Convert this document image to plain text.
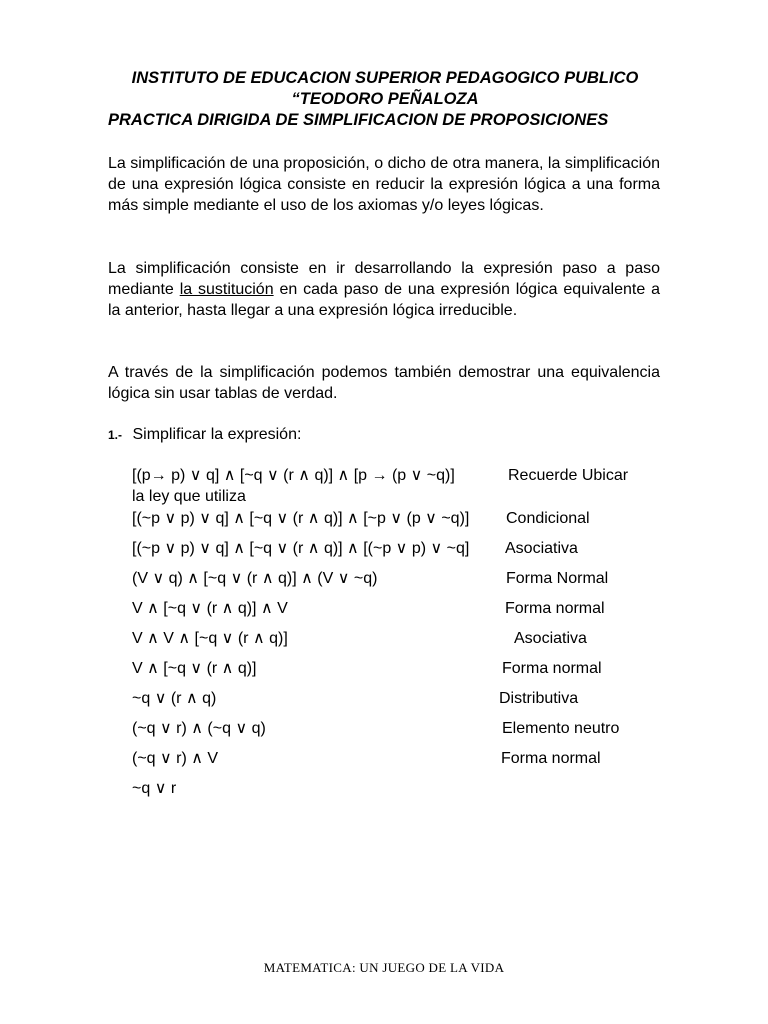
INSTITUTO DE EDUCACION SUPERIOR PEDAGOGICO PUBLICO
“TEODORO PEÑALOZA
PRACTICA DIRIGIDA DE SIMPLIFICACION DE PROPOSICIONES

La simplificación de una proposición, o dicho de otra manera, la simplificación de una expresión lógica consiste en reducir la expresión lógica a una forma más simple mediante el uso de los axiomas y/o leyes lógicas.

La simplificación consiste en ir desarrollando la expresión paso a paso mediante la sustitución en cada paso de una expresión lógica equivalente a la anterior, hasta llegar a una expresión lógica irreducible.

A través de la simplificación podemos también demostrar una equivalencia lógica sin usar tablas de verdad.

1.- Simplificar la expresión:
[(p→ p) ∨ q] ∧ [~q ∨ (r ∧ q)] ∧ [p → (p ∨ ~q)]	Recuerde Ubicar
la ley que utiliza
[(~p ∨ p) ∨ q] ∧ [~q ∨ (r ∧ q)] ∧ [~p ∨ (p ∨ ~q)] Condicional
[(~p ∨ p) ∨ q] ∧ [~q ∨ (r ∧ q)] ∧ [(~p ∨ p) ∨ ~q] Asociativa
(V ∨ q) ∧ [~q ∨ (r ∧ q)] ∧ (V ∨ ~q)	Forma Normal
V ∧ [~q ∨ (r ∧ q)] ∧ V	Forma normal
V ∧ V ∧ [~q ∨ (r ∧ q)]	Asociativa
V ∧ [~q ∨ (r ∧ q)]	Forma normal
~q ∨ (r ∧ q)	Distributiva
(~q ∨ r) ∧ (~q ∨ q)	Elemento neutro
(~q ∨ r) ∧ V	Forma normal
~q ∨ r
MATEMATICA: UN JUEGO DE LA VIDA
